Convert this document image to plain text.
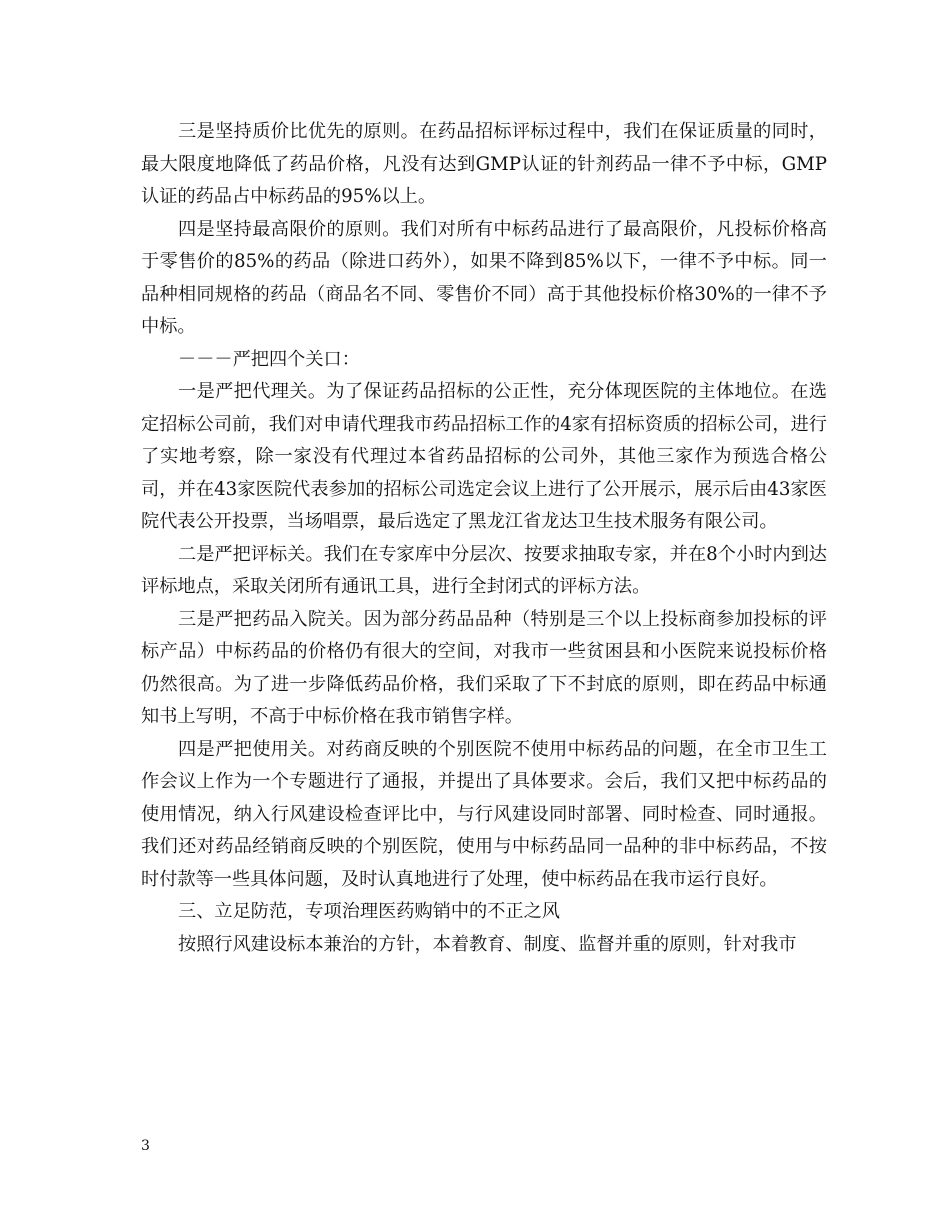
三是坚持质价比优先的原则。在药品招标评标过程中，我们在保证质量的同时，最大限度地降低了药品价格，凡没有达到GMP认证的针剂药品一律不予中标，GMP认证的药品占中标药品的95%以上。

四是坚持最高限价的原则。我们对所有中标药品进行了最高限价，凡投标价格高于零售价的85%的药品（除进口药外），如果不降到85%以下，一律不予中标。同一品种相同规格的药品（商品名不同、零售价不同）高于其他投标价格30%的一律不予中标。

－－－严把四个关口：

一是严把代理关。为了保证药品招标的公正性，充分体现医院的主体地位。在选定招标公司前，我们对申请代理我市药品招标工作的4家有招标资质的招标公司，进行了实地考察，除一家没有代理过本省药品招标的公司外，其他三家作为预选合格公司，并在43家医院代表参加的招标公司选定会议上进行了公开展示，展示后由43家医院代表公开投票，当场唱票，最后选定了黑龙江省龙达卫生技术服务有限公司。

二是严把评标关。我们在专家库中分层次、按要求抽取专家，并在8个小时内到达评标地点，采取关闭所有通讯工具，进行全封闭式的评标方法。

三是严把药品入院关。因为部分药品品种（特别是三个以上投标商参加投标的评标产品）中标药品的价格仍有很大的空间，对我市一些贫困县和小医院来说投标价格仍然很高。为了进一步降低药品价格，我们采取了下不封底的原则，即在药品中标通知书上写明，不高于中标价格在我市销售字样。

四是严把使用关。对药商反映的个别医院不使用中标药品的问题，在全市卫生工作会议上作为一个专题进行了通报，并提出了具体要求。会后，我们又把中标药品的使用情况，纳入行风建设检查评比中，与行风建设同时部署、同时检查、同时通报。我们还对药品经销商反映的个别医院，使用与中标药品同一品种的非中标药品，不按时付款等一些具体问题，及时认真地进行了处理，使中标药品在我市运行良好。

三、立足防范，专项治理医药购销中的不正之风

按照行风建设标本兼治的方针，本着教育、制度、监督并重的原则，针对我市

3
